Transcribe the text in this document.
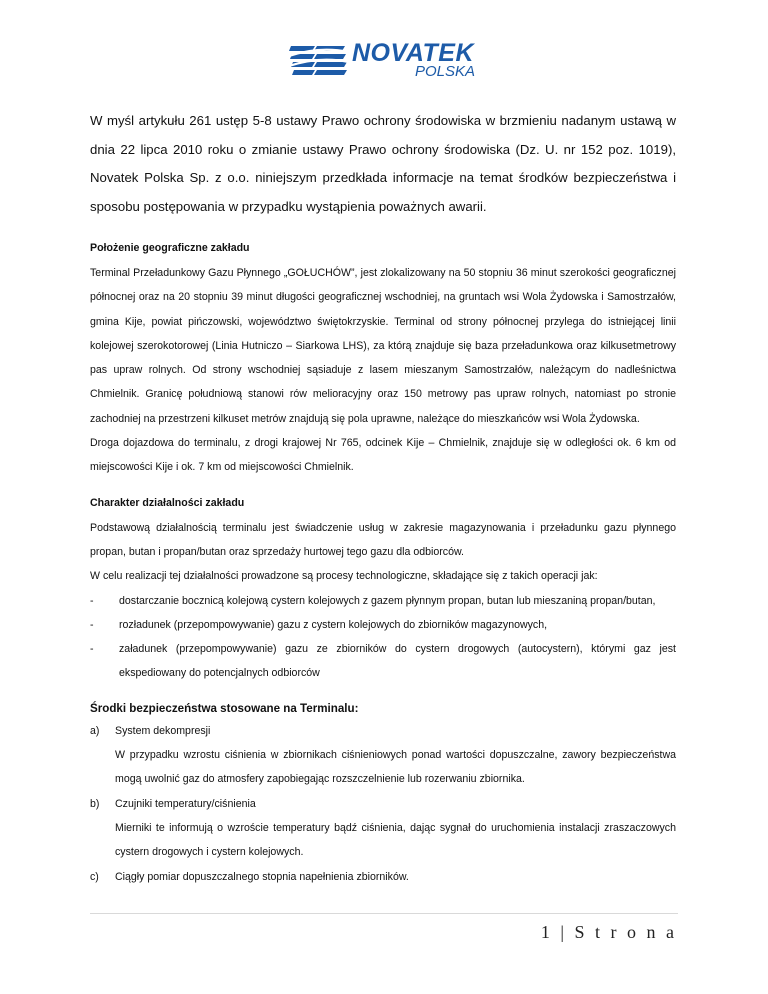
NOVATEK
POLSKA

W myśl artykułu 261 ustęp 5-8 ustawy Prawo ochrony środowiska w brzmieniu nadanym ustawą w dnia 22 lipca 2010 roku o zmianie ustawy Prawo ochrony środowiska (Dz. U. nr 152 poz. 1019), Novatek Polska Sp. z o.o. niniejszym przedkłada informacje na temat środków bezpieczeństwa i sposobu postępowania w przypadku wystąpienia poważnych awarii.

Położenie geograficzne zakładu

Terminal Przeładunkowy Gazu Płynnego „GOŁUCHÓW”, jest zlokalizowany na 50 stopniu 36 minut szerokości geograficznej północnej oraz na 20 stopniu 39 minut długości geograficznej wschodniej, na gruntach wsi Wola Żydowska i Samostrzałów, gmina Kije, powiat pińczowski, województwo świętokrzyskie. Terminal od strony północnej przylega do istniejącej linii kolejowej szerokotorowej (Linia Hutniczo – Siarkowa LHS), za którą znajduje się baza przeładunkowa oraz kilkusetmetrowy pas upraw rolnych. Od strony wschodniej sąsiaduje z lasem mieszanym Samostrzałów, należącym do nadleśnictwa Chmielnik. Granicę południową stanowi rów melioracyjny oraz 150 metrowy pas upraw rolnych, natomiast po stronie zachodniej na przestrzeni kilkuset metrów znajdują się pola uprawne, należące do mieszkańców wsi Wola Żydowska.

Droga dojazdowa do terminalu, z drogi krajowej Nr 765, odcinek Kije – Chmielnik, znajduje się w odległości ok. 6 km od miejscowości Kije i ok. 7 km od miejscowości Chmielnik.

Charakter działalności zakładu

Podstawową działalnością terminalu jest świadczenie usług w zakresie magazynowania i przeładunku gazu płynnego propan, butan i propan/butan oraz sprzedaży hurtowej tego gazu dla odbiorców.

W celu realizacji tej działalności prowadzone są procesy technologiczne, składające się z takich operacji jak:

- dostarczanie bocznicą kolejową cystern kolejowych z gazem płynnym propan, butan lub mieszaniną propan/butan,
- rozładunek (przepompowywanie) gazu z cystern kolejowych do zbiorników magazynowych,
- załadunek (przepompowywanie) gazu ze zbiorników do cystern drogowych (autocystern), którymi gaz jest ekspediowany do potencjalnych odbiorców

Środki bezpieczeństwa stosowane na Terminalu:

a) System dekompresji

W przypadku wzrostu ciśnienia w zbiornikach ciśnieniowych ponad wartości dopuszczalne, zawory bezpieczeństwa mogą uwolnić gaz do atmosfery zapobiegając rozszczelnienie lub rozerwaniu zbiornika.

b) Czujniki temperatury/ciśnienia

Mierniki te informują o wzroście temperatury bądź ciśnienia, dając sygnał do uruchomienia instalacji zraszaczowych cystern drogowych i cystern kolejowych.

c) Ciągły pomiar dopuszczalnego stopnia napełnienia zbiorników.

1 | S t r o n a
